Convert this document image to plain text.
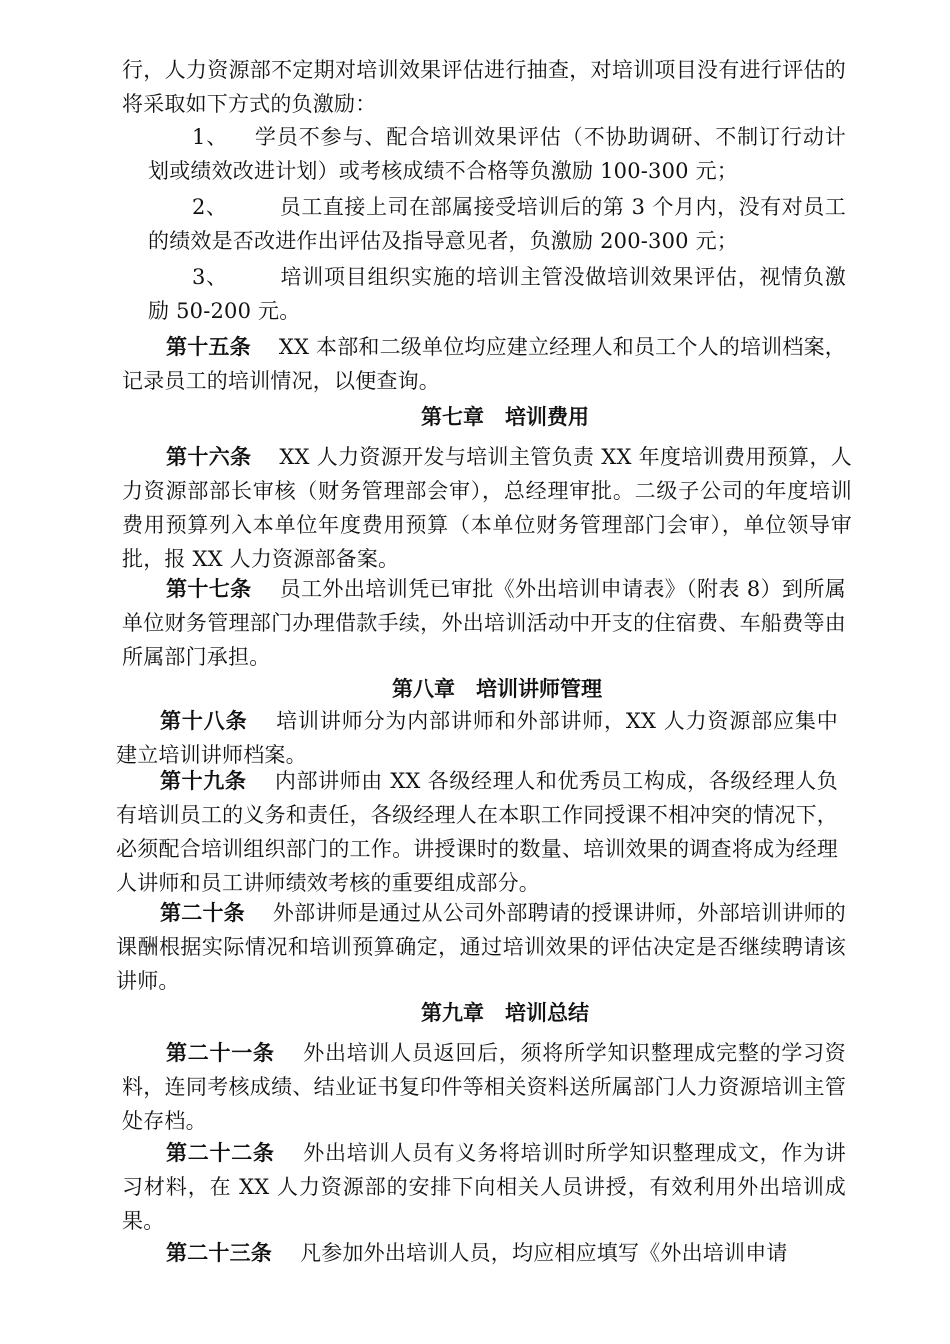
行，人力资源部不定期对培训效果评估进行抽查，对培训项目没有进行评估的将采取如下方式的负激励：

1、 学员不参与、配合培训效果评估（不协助调研、不制订行动计划或绩效改进计划）或考核成绩不合格等负激励 100-300 元；

2、 员工直接上司在部属接受培训后的第 3 个月内，没有对员工的绩效是否改进作出评估及指导意见者，负激励 200-300 元；

3、 培训项目组织实施的培训主管没做培训效果评估，视情负激励 50-200 元。

第十五条 XX 本部和二级单位均应建立经理人和员工个人的培训档案，记录员工的培训情况，以便查询。

第七章　培训费用

第十六条 XX 人力资源开发与培训主管负责 XX 年度培训费用预算，人力资源部部长审核（财务管理部会审），总经理审批。二级子公司的年度培训费用预算列入本单位年度费用预算（本单位财务管理部门会审），单位领导审批，报 XX 人力资源部备案。

第十七条 员工外出培训凭已审批《外出培训申请表》（附表 8）到所属单位财务管理部门办理借款手续，外出培训活动中开支的住宿费、车船费等由所属部门承担。

第八章　培训讲师管理

第十八条 培训讲师分为内部讲师和外部讲师，XX 人力资源部应集中建立培训讲师档案。

第十九条 内部讲师由 XX 各级经理人和优秀员工构成，各级经理人负有培训员工的义务和责任，各级经理人在本职工作同授课不相冲突的情况下，必须配合培训组织部门的工作。讲授课时的数量、培训效果的调查将成为经理人讲师和员工讲师绩效考核的重要组成部分。

第二十条 外部讲师是通过从公司外部聘请的授课讲师，外部培训讲师的课酬根据实际情况和培训预算确定，通过培训效果的评估决定是否继续聘请该讲师。

第九章　培训总结

第二十一条 外出培训人员返回后，须将所学知识整理成完整的学习资料，连同考核成绩、结业证书复印件等相关资料送所属部门人力资源培训主管处存档。

第二十二条 外出培训人员有义务将培训时所学知识整理成文，作为讲习材料，在 XX 人力资源部的安排下向相关人员讲授，有效利用外出培训成果。

第二十三条 凡参加外出培训人员，均应相应填写《外出培训申请
